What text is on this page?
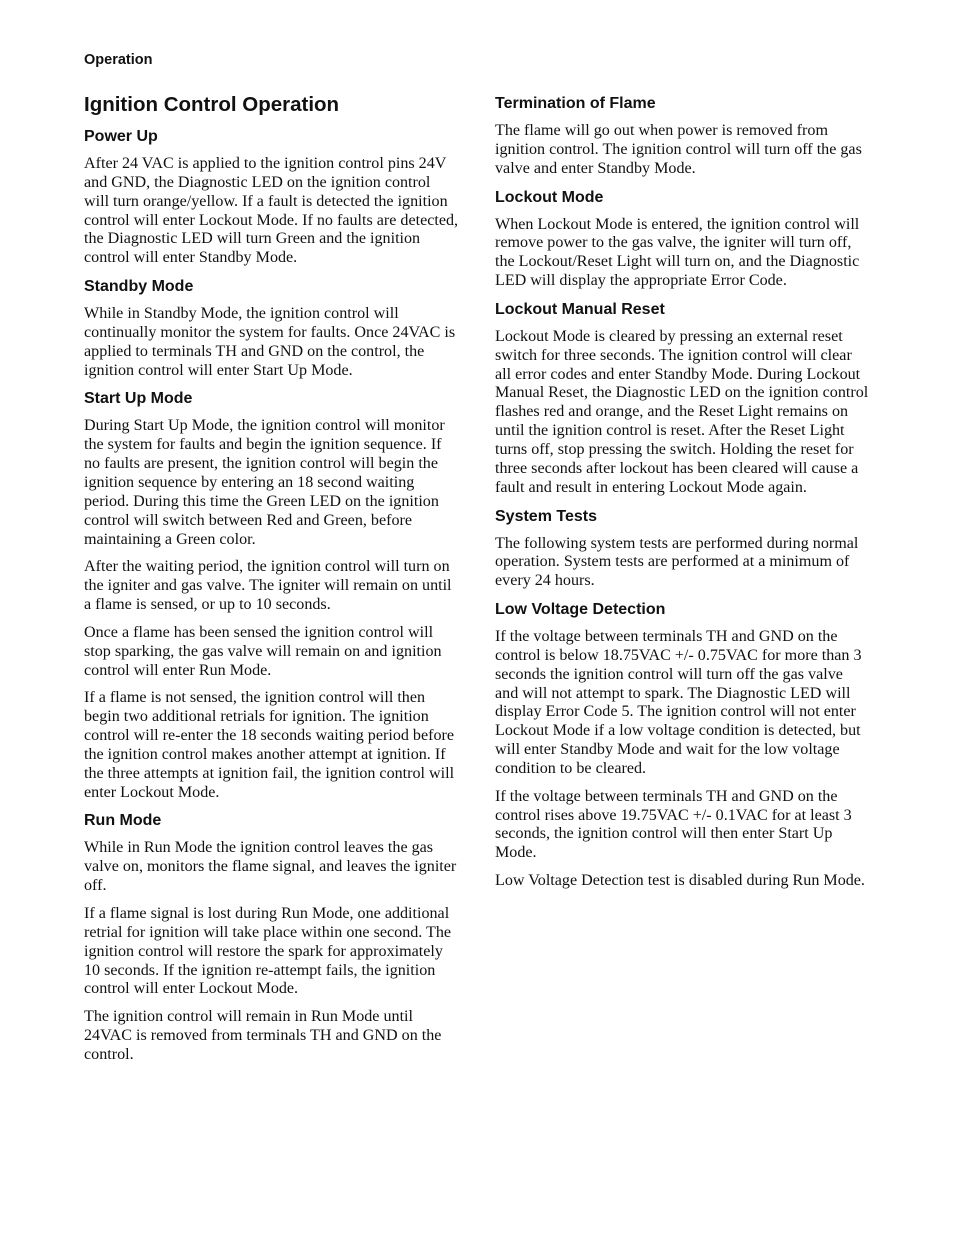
Operation
Ignition Control Operation
Power Up

After 24 VAC is applied to the ignition control pins 24V and GND, the Diagnostic LED on the ignition control will turn orange/yellow. If a fault is detected the ignition control will enter Lockout Mode. If no faults are detected, the Diagnostic LED will turn Green and the ignition control will enter Standby Mode.

Standby Mode

While in Standby Mode, the ignition control will continually monitor the system for faults. Once 24VAC is applied to terminals TH and GND on the control, the ignition control will enter Start Up Mode.

Start Up Mode

During Start Up Mode, the ignition control will monitor the system for faults and begin the ignition sequence. If no faults are present, the ignition control will begin the ignition sequence by entering an 18 second waiting period. During this time the Green LED on the ignition control will switch between Red and Green, before maintaining a Green color.

After the waiting period, the ignition control will turn on the igniter and gas valve. The igniter will remain on until a flame is sensed, or up to 10 seconds.

Once a flame has been sensed the ignition control will stop sparking, the gas valve will remain on and ignition control will enter Run Mode.

If a flame is not sensed, the ignition control will then begin two additional retrials for ignition. The ignition control will re-enter the 18 seconds waiting period before the ignition control makes another attempt at ignition. If the three attempts at ignition fail, the ignition control will enter Lockout Mode.

Run Mode

While in Run Mode the ignition control leaves the gas valve on, monitors the flame signal, and leaves the igniter off.

If a flame signal is lost during Run Mode, one additional retrial for ignition will take place within one second. The ignition control will restore the spark for approximately 10 seconds. If the ignition re-attempt fails, the ignition control will enter Lockout Mode.

The ignition control will remain in Run Mode until 24VAC is removed from terminals TH and GND on the control.

Termination of Flame

The flame will go out when power is removed from ignition control. The ignition control will turn off the gas valve and enter Standby Mode.

Lockout Mode

When Lockout Mode is entered, the ignition control will remove power to the gas valve, the igniter will turn off, the Lockout/Reset Light will turn on, and the Diagnostic LED will display the appropriate Error Code.

Lockout Manual Reset

Lockout Mode is cleared by pressing an external reset switch for three seconds. The ignition control will clear all error codes and enter Standby Mode. During Lockout Manual Reset, the Diagnostic LED on the ignition control flashes red and orange, and the Reset Light remains on until the ignition control is reset. After the Reset Light turns off, stop pressing the switch. Holding the reset for three seconds after lockout has been cleared will cause a fault and result in entering Lockout Mode again.

System Tests

The following system tests are performed during normal operation. System tests are performed at a minimum of every 24 hours.

Low Voltage Detection

If the voltage between terminals TH and GND on the control is below 18.75VAC +/- 0.75VAC for more than 3 seconds the ignition control will turn off the gas valve and will not attempt to spark. The Diagnostic LED will display Error Code 5. The ignition control will not enter Lockout Mode if a low voltage condition is detected, but will enter Standby Mode and wait for the low voltage condition to be cleared.

If the voltage between terminals TH and GND on the control rises above 19.75VAC +/- 0.1VAC for at least 3 seconds, the ignition control will then enter Start Up Mode.

Low Voltage Detection test is disabled during Run Mode.
